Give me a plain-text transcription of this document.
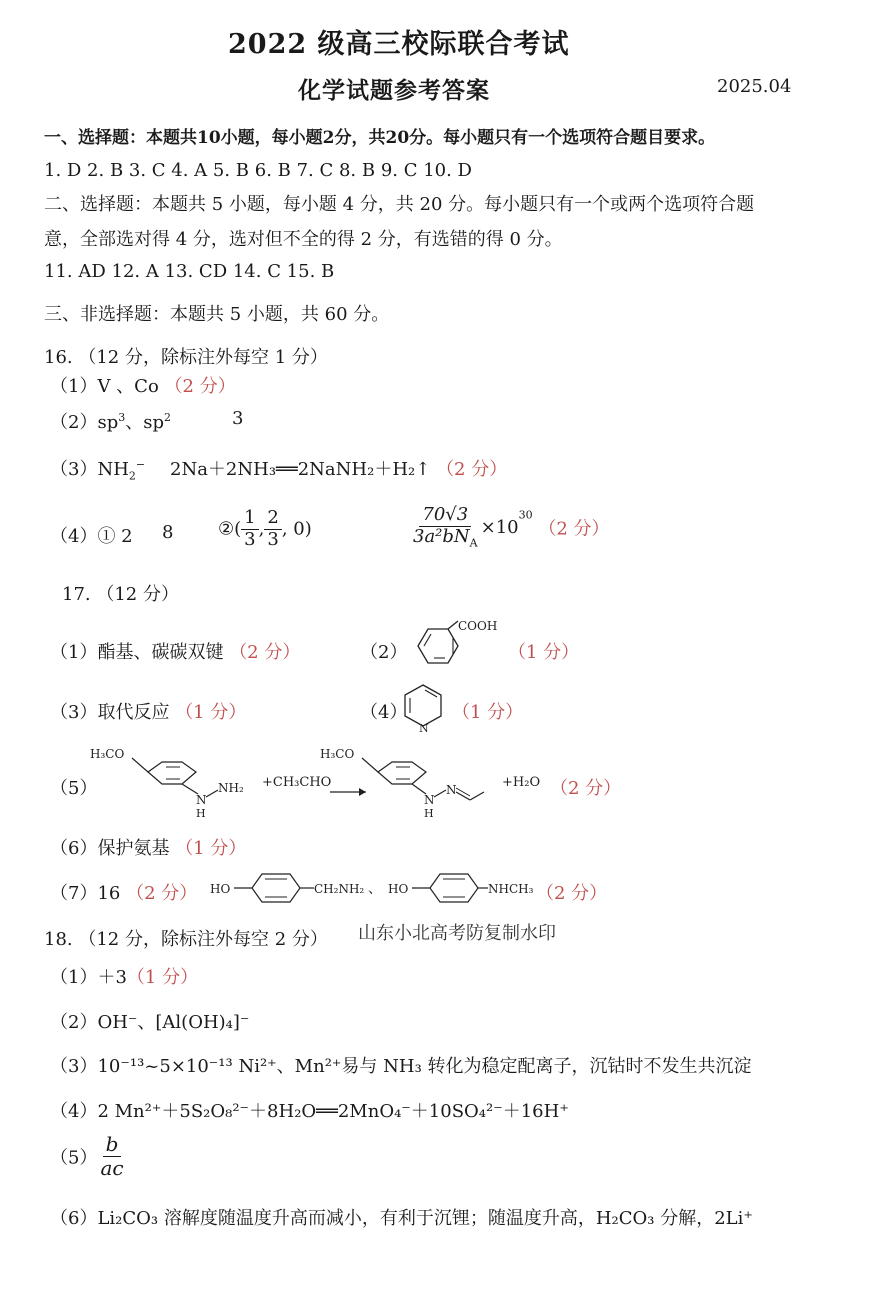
2022 级高三校际联合考试
化学试题参考答案	2025.04
一、选择题：本题共10小题，每小题2分，共20分。每小题只有一个选项符合题目要求。
1. D 2. B 3. C 4. A 5. B 6. B 7. C 8. B 9. C 10. D
二、选择题：本题共 5 小题，每小题 4 分，共 20 分。每小题只有一个或两个选项符合题
意，全部选对得 4 分，选对但不全的得 2 分，有选错的得 0 分。
11. AD 12. A 13. CD 14. C 15. B
三、非选择题：本题共 5 小题，共 60 分。
16. （12 分，除标注外每空 1 分）
（1）V 、Co （2 分）
$(2)sp^3$、$sp^2$	3
$(3)NH_2^-$ 2Na＋2NH₃══2NaNH₂＋H₂↑ （2 分）
（4）① 2 8 ②( $\frac{1}{3}$ , $\frac{2}{3}$ , 0)	$\frac{70√3}{3a^2bN_A} \times 10^{30}$ （2 分）
17. （12 分）
（1）酯基、碳碳双键 （2 分）	（2）
COOH
（1 分）
（3）取代反应 （1 分）	（4）
N
（1 分）
（5）
H₃CO
N
H
NH₂ +CH₃CHO
H₃CO
N
H
N	+H₂O （2 分）
（6）保护氨基 （1 分）
（7）16 （2 分） HO	CH₂NH₂ 、 HO	NHCH₃ （2 分）
18. （12 分，除标注外每空 2 分） 山东小北高考防复制水印
（1）＋3（1 分）
（2）OH⁻、[Al(OH)₄]⁻
（3）10⁻¹³~5×10⁻¹³ Ni²⁺、Mn²⁺易与 NH₃ 转化为稳定配离子，沉钴时不发生共沉淀
（4）2 Mn²⁺＋5S₂O₈²⁻＋8H₂O══2MnO₄⁻＋10SO₄²⁻＋16H⁺
$(5) \frac{b}{ac}$
（6）Li₂CO₃ 溶解度随温度升高而减小，有利于沉锂；随温度升高，H₂CO₃ 分解，2Li⁺
